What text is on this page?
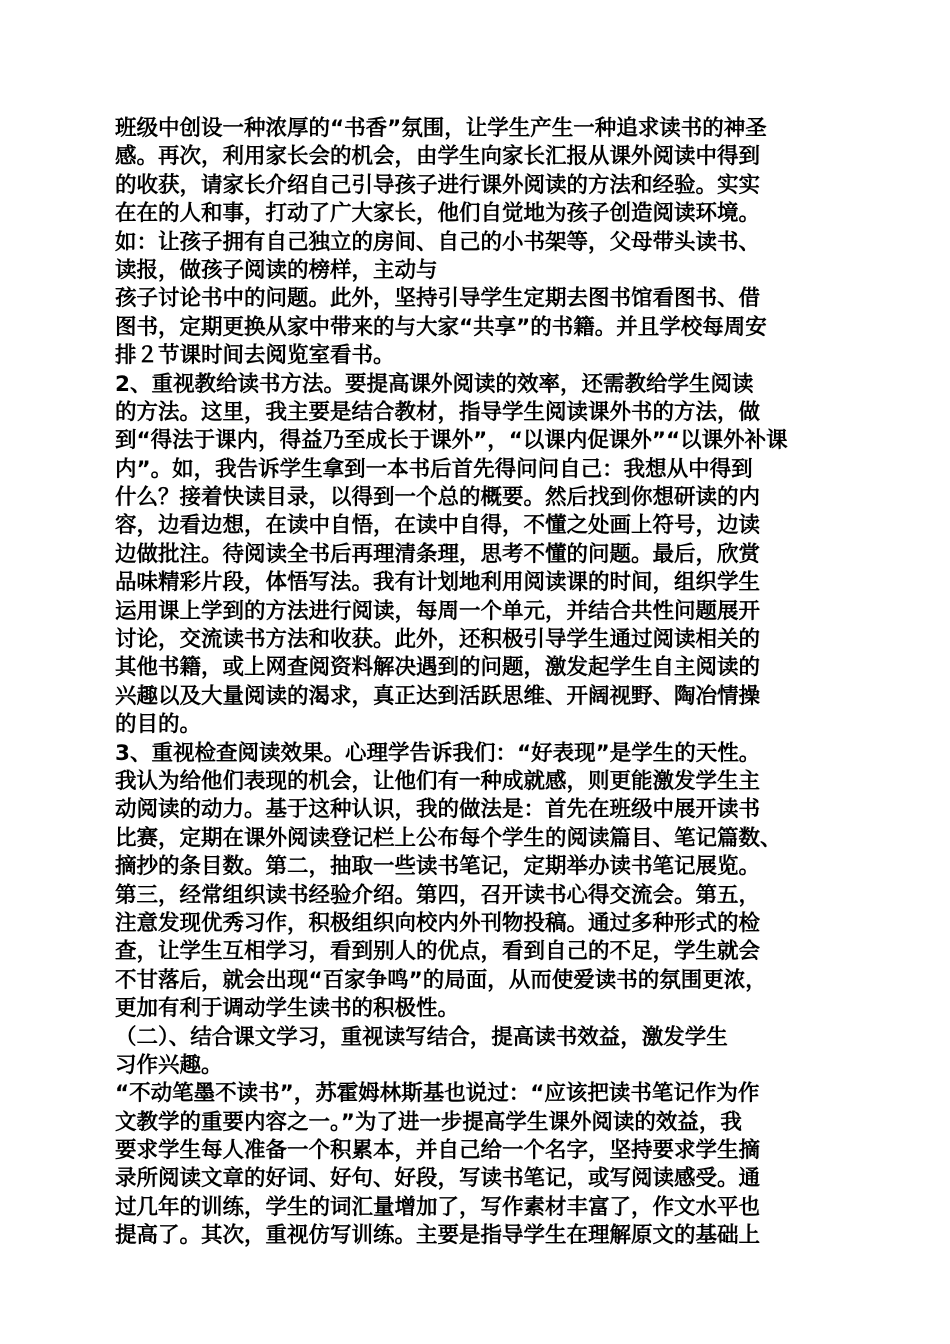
班级中创设一种浓厚的“书香”氛围，让学生产生一种追求读书的神圣
感。再次，利用家长会的机会，由学生向家长汇报从课外阅读中得到
的收获，请家长介绍自己引导孩子进行课外阅读的方法和经验。实实
在在的人和事，打动了广大家长，他们自觉地为孩子创造阅读环境。
如：让孩子拥有自己独立的房间、自己的小书架等，父母带头读书、
读报，做孩子阅读的榜样，主动与
孩子讨论书中的问题。此外，坚持引导学生定期去图书馆看图书、借
图书，定期更换从家中带来的与大家“共享”的书籍。并且学校每周安
排２节课时间去阅览室看书。
2、重视教给读书方法。要提高课外阅读的效率，还需教给学生阅读
的方法。这里，我主要是结合教材，指导学生阅读课外书的方法，做
到“得法于课内，得益乃至成长于课外”，“以课内促课外”“以课外补课
内”。如，我告诉学生拿到一本书后首先得问问自己：我想从中得到
什么？接着快读目录，以得到一个总的概要。然后找到你想研读的内
容，边看边想，在读中自悟，在读中自得，不懂之处画上符号，边读
边做批注。待阅读全书后再理清条理，思考不懂的问题。最后，欣赏
品味精彩片段，体悟写法。我有计划地利用阅读课的时间，组织学生
运用课上学到的方法进行阅读，每周一个单元，并结合共性问题展开
讨论，交流读书方法和收获。此外，还积极引导学生通过阅读相关的
其他书籍，或上网查阅资料解决遇到的问题，激发起学生自主阅读的
兴趣以及大量阅读的渴求，真正达到活跃思维、开阔视野、陶冶情操
的目的。
3、重视检查阅读效果。心理学告诉我们：“好表现”是学生的天性。
我认为给他们表现的机会，让他们有一种成就感，则更能激发学生主
动阅读的动力。基于这种认识，我的做法是：首先在班级中展开读书
比赛，定期在课外阅读登记栏上公布每个学生的阅读篇目、笔记篇数、
摘抄的条目数。第二，抽取一些读书笔记，定期举办读书笔记展览。
第三，经常组织读书经验介绍。第四，召开读书心得交流会。第五，
注意发现优秀习作，积极组织向校内外刊物投稿。通过多种形式的检
查，让学生互相学习，看到别人的优点，看到自己的不足，学生就会
不甘落后，就会出现“百家争鸣”的局面，从而使爱读书的氛围更浓，
更加有利于调动学生读书的积极性。
（二）、结合课文学习，重视读写结合，提高读书效益，激发学生
习作兴趣。
“不动笔墨不读书”，苏霍姆林斯基也说过：“应该把读书笔记作为作
文教学的重要内容之一。”为了进一步提高学生课外阅读的效益，我
要求学生每人准备一个积累本，并自己给一个名字，坚持要求学生摘
录所阅读文章的好词、好句、好段，写读书笔记，或写阅读感受。通
过几年的训练，学生的词汇量增加了，写作素材丰富了，作文水平也
提高了。其次，重视仿写训练。主要是指导学生在理解原文的基础上
